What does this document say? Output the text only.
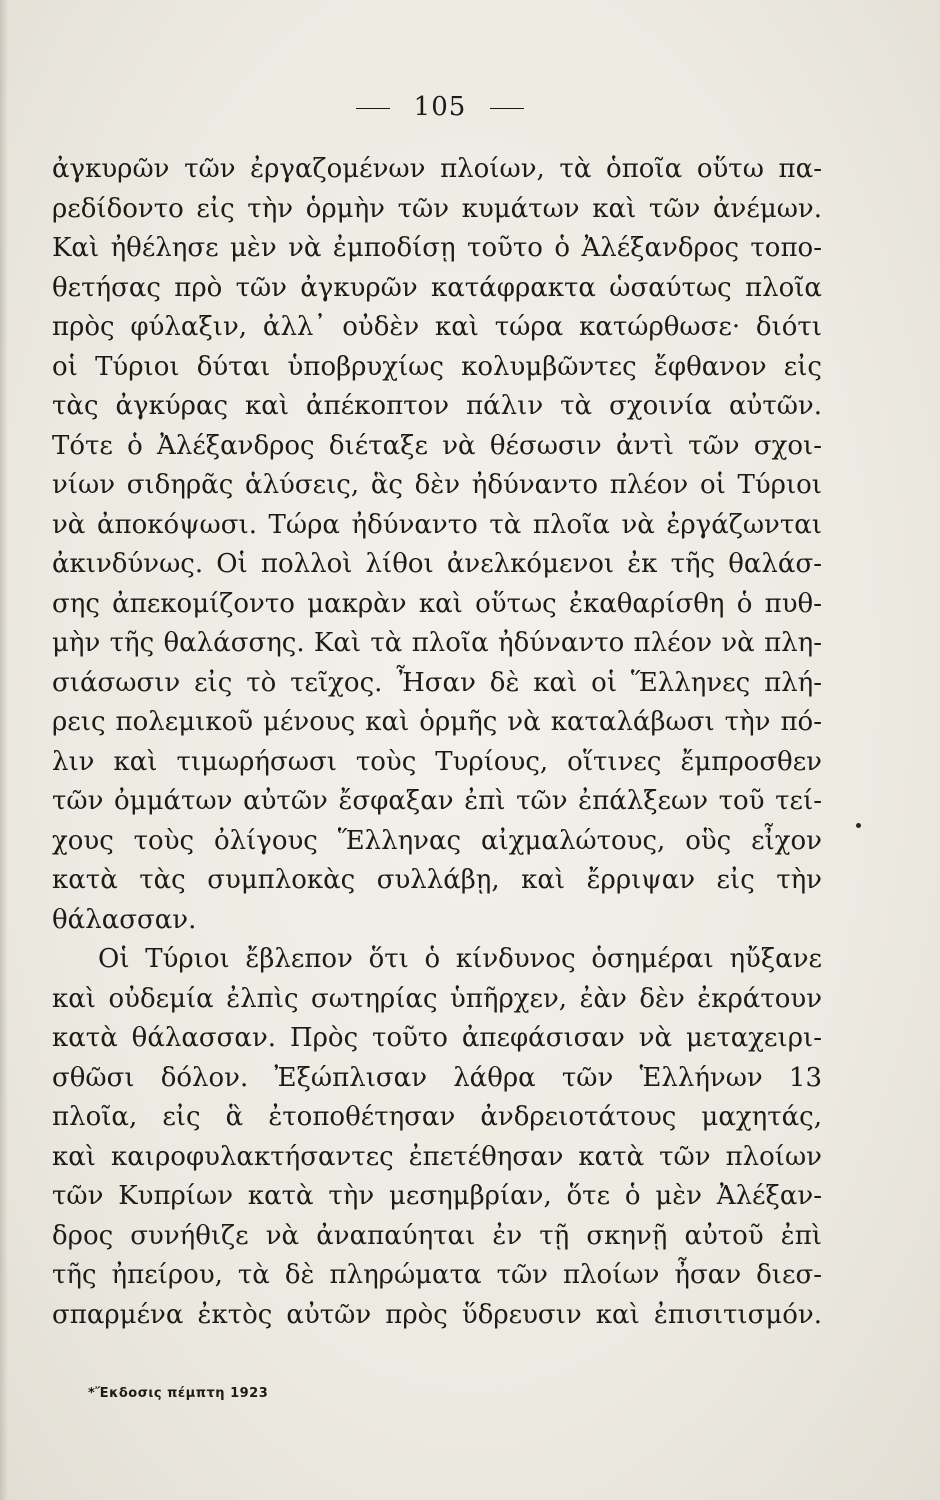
105
ἀγκυρῶν τῶν ἐργαζομένων πλοίων, τὰ ὁποῖα οὕτω πα-
ρεδίδοντο εἰς τὴν ὁρμὴν τῶν κυμάτων καὶ τῶν ἀνέμων.
Καὶ ἠθέλησε μὲν νὰ ἐμποδίσῃ τοῦτο ὁ Ἀλέξανδρος τοπο-
θετήσας πρὸ τῶν ἀγκυρῶν κατάφρακτα ὡσαύτως πλοῖα
πρὸς φύλαξιν, ἀλλ᾽ οὐδὲν καὶ τώρα κατώρθωσε· διότι
οἱ Τύριοι δύται ὑποβρυχίως κολυμβῶντες ἔφθανον εἰς
τὰς ἀγκύρας καὶ ἀπέκοπτον πάλιν τὰ σχοινία αὐτῶν.
Τότε ὁ Ἀλέξανδρος διέταξε νὰ θέσωσιν ἀντὶ τῶν σχοι-
νίων σιδηρᾶς ἁλύσεις, ἃς δὲν ἠδύναντο πλέον οἱ Τύριοι
νὰ ἀποκόψωσι. Τώρα ἠδύναντο τὰ πλοῖα νὰ ἐργάζωνται
ἀκινδύνως. Οἱ πολλοὶ λίθοι ἀνελκόμενοι ἐκ τῆς θαλάσ-
σης ἀπεκομίζοντο μακρὰν καὶ οὕτως ἐκαθαρίσθη ὁ πυθ-
μὴν τῆς θαλάσσης. Καὶ τὰ πλοῖα ἠδύναντο πλέον νὰ πλη-
σιάσωσιν εἰς τὸ τεῖχος. Ἦσαν δὲ καὶ οἱ Ἕλληνες πλή-
ρεις πολεμικοῦ μένους καὶ ὁρμῆς νὰ καταλάβωσι τὴν πό-
λιν καὶ τιμωρήσωσι τοὺς Τυρίους, οἵτινες ἔμπροσθεν
τῶν ὀμμάτων αὐτῶν ἔσφαξαν ἐπὶ τῶν ἐπάλξεων τοῦ τεί-
χους τοὺς ὀλίγους Ἕλληνας αἰχμαλώτους, οὓς εἶχον
κατὰ τὰς συμπλοκὰς συλλάβῃ, καὶ ἔρριψαν εἰς τὴν
θάλασσαν.
Οἱ Τύριοι ἔβλεπον ὅτι ὁ κίνδυνος ὁσημέραι ηὔξανε
καὶ οὐδεμία ἐλπὶς σωτηρίας ὑπῆρχεν, ἐὰν δὲν ἐκράτουν
κατὰ θάλασσαν. Πρὸς τοῦτο ἀπεφάσισαν νὰ μεταχειρι-
σθῶσι δόλον. Ἐξώπλισαν λάθρα τῶν Ἑλλήνων 13
πλοῖα, εἰς ἃ ἐτοποθέτησαν ἀνδρειοτάτους μαχητάς,
καὶ καιροφυλακτήσαντες ἐπετέθησαν κατὰ τῶν πλοίων
τῶν Κυπρίων κατὰ τὴν μεσημβρίαν, ὅτε ὁ μὲν Ἀλέξαν-
δρος συνήθιζε νὰ ἀναπαύηται ἐν τῇ σκηνῇ αὐτοῦ ἐπὶ
τῆς ἠπείρου, τὰ δὲ πληρώματα τῶν πλοίων ἦσαν διεσ-
σπαρμένα ἐκτὸς αὐτῶν πρὸς ὕδρευσιν καὶ ἐπισιτισμόν.
*Ἔκδοσις πέμπτη 1923
